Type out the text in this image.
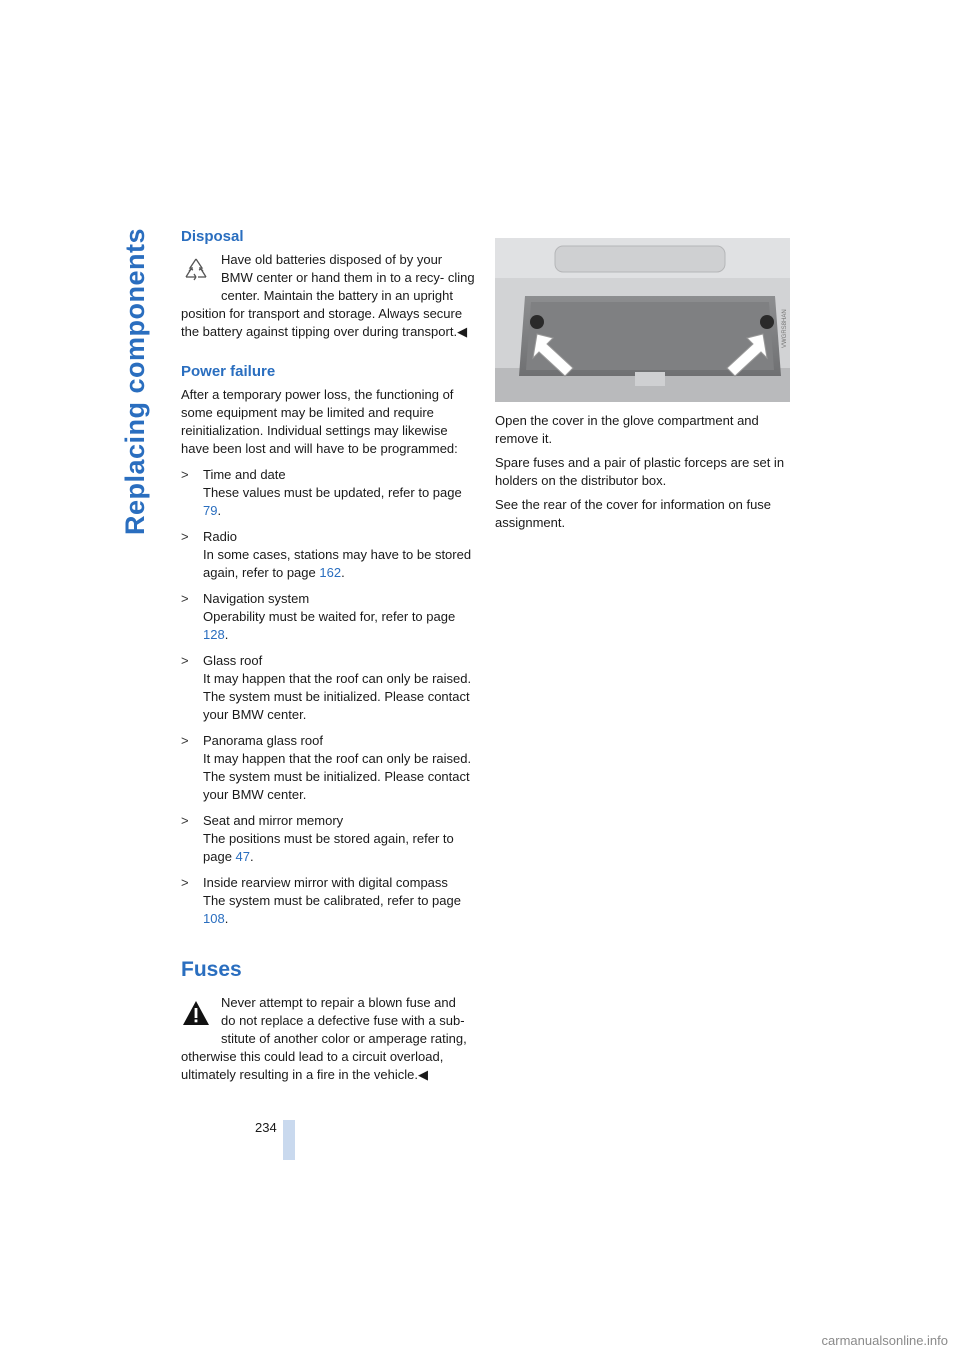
Replacing components Disposal

Have old batteries disposed of by your
BMW center or hand them in to a recy- cling center. Maintain the battery in an upright position for transport and storage. Always secure the battery against tipping over during transport.◀

Power failure

After a temporary power loss, the functioning of some equipment may be limited and require reinitialization. Individual settings may likewise have been lost and will have to be programmed:

> Time and date
These values must be updated, refer to page 79.
> Radio
In some cases, stations may have to be stored again, refer to page 162.
> Navigation system
Operability must be waited for, refer to page 128.
> Glass roof
It may happen that the roof can only be raised. The system must be initialized. Please contact your BMW center.
> Panorama glass roof
It may happen that the roof can only be raised. The system must be initialized. Please contact your BMW center.
> Seat and mirror memory
The positions must be stored again, refer to page 47.
> Inside rearview mirror with digital compass
The system must be calibrated, refer to page 108.
Fuses

Never attempt to repair a blown fuse and
do not replace a defective fuse with a sub- stitute of another color or amperage rating, otherwise this could lead to a circuit overload, ultimately resulting in a fire in the vehicle.◀

VWGRS8HAN

Open the cover in the glove compartment and remove it.

Spare fuses and a pair of plastic forceps are set in holders on the distributor box.

See the rear of the cover for information on fuse assignment.

234
carmanualsonline.info
